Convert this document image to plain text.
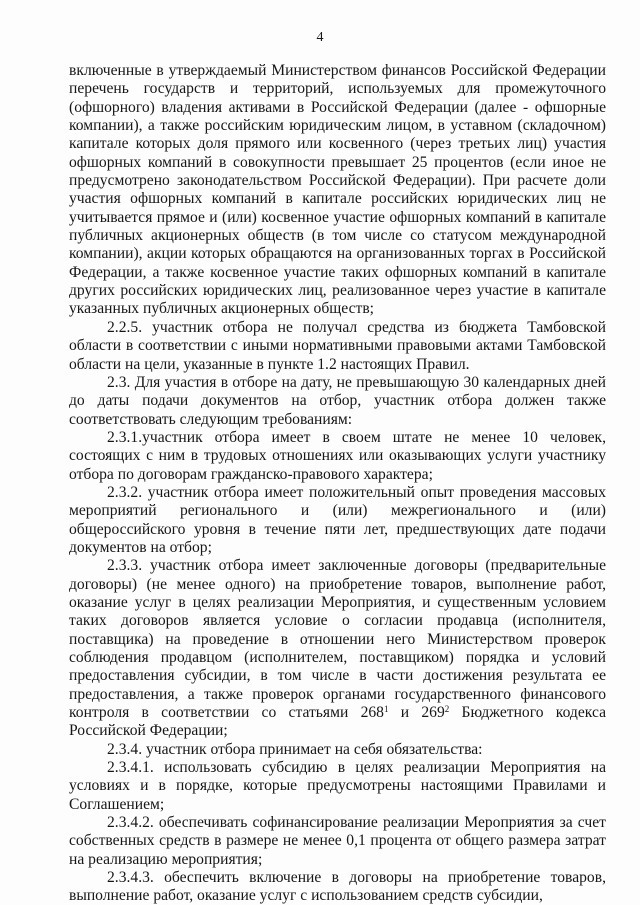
4

включенные в утверждаемый Министерством финансов Российской Федерации перечень государств и территорий, используемых для промежуточного (офшорного) владения активами в Российской Федерации (далее - офшорные компании), а также российским юридическим лицом, в уставном (складочном) капитале которых доля прямого или косвенного (через третьих лиц) участия офшорных компаний в совокупности превышает 25 процентов (если иное не предусмотрено законодательством Российской Федерации). При расчете доли участия офшорных компаний в капитале российских юридических лиц не учитывается прямое и (или) косвенное участие офшорных компаний в капитале публичных акционерных обществ (в том числе со статусом международной компании), акции которых обращаются на организованных торгах в Российской Федерации, а также косвенное участие таких офшорных компаний в капитале других российских юридических лиц, реализованное через участие в капитале указанных публичных акционерных обществ;

2.2.5. участник отбора не получал средства из бюджета Тамбовской области в соответствии с иными нормативными правовыми актами Тамбовской области на цели, указанные в пункте 1.2 настоящих Правил.

2.3. Для участия в отборе на дату, не превышающую 30 календарных дней до даты подачи документов на отбор, участник отбора должен также соответствовать следующим требованиям:

2.3.1.участник отбора имеет в своем штате не менее 10 человек, состоящих с ним в трудовых отношениях или оказывающих услуги участнику отбора по договорам гражданско-правового характера;

2.3.2. участник отбора имеет положительный опыт проведения массовых мероприятий регионального и (или) межрегионального и (или) общероссийского уровня в течение пяти лет, предшествующих дате подачи документов на отбор;

2.3.3. участник отбора имеет заключенные договоры (предварительные договоры) (не менее одного) на приобретение товаров, выполнение работ, оказание услуг в целях реализации Мероприятия, и существенным условием таких договоров является условие о согласии продавца (исполнителя, поставщика) на проведение в отношении него Министерством проверок соблюдения продавцом (исполнителем, поставщиком) порядка и условий предоставления субсидии, в том числе в части достижения результата ее предоставления, а также проверок органами государственного финансового контроля в соответствии со статьями $268^1$ и $269^2$ Бюджетного кодекса Российской Федерации;

2.3.4. участник отбора принимает на себя обязательства:

2.3.4.1. использовать субсидию в целях реализации Мероприятия на условиях и в порядке, которые предусмотрены настоящими Правилами и Соглашением;

2.3.4.2. обеспечивать софинансирование реализации Мероприятия за счет собственных средств в размере не менее 0,1 процента от общего размера затрат на реализацию мероприятия;

2.3.4.3. обеспечить включение в договоры на приобретение товаров, выполнение работ, оказание услуг с использованием средств субсидии,
